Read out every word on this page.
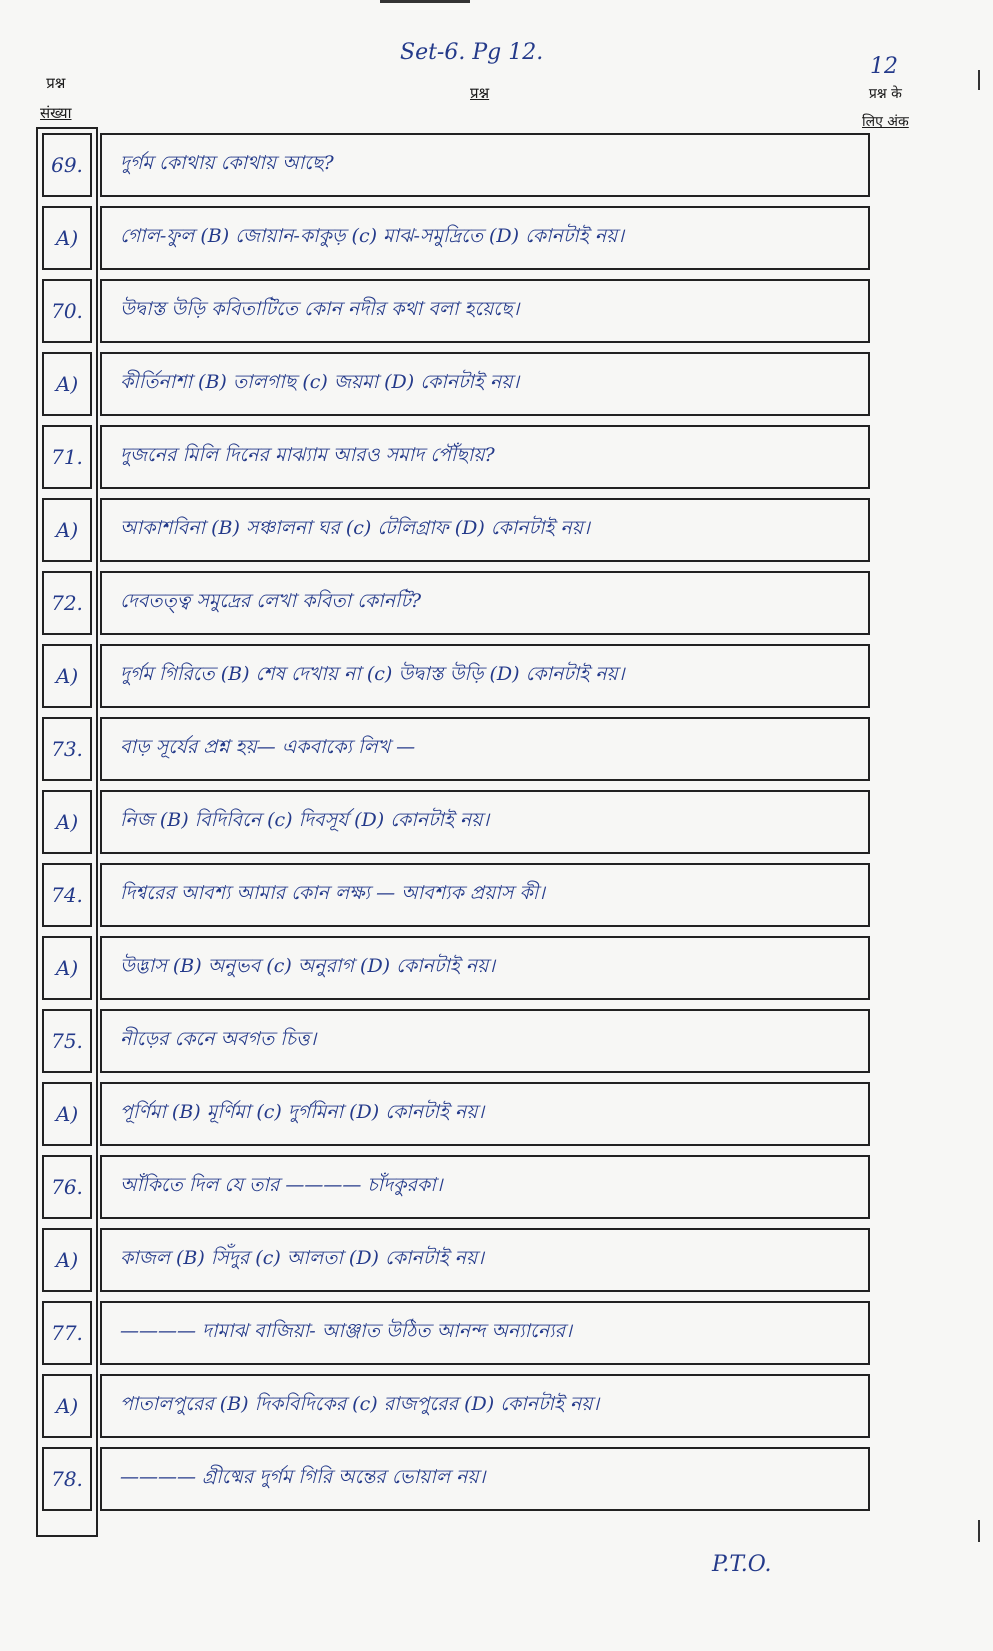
प्रश्न
संख्या
Set-6. Pg 12.
प्रश्न
12
प्रश्न के
लिए अंक
69.	দুর্গম কোথায় কোথায় আছে?
A)	গোল-ফুল (B) জোয়ান-কাকুড় (c) মাঝ-সমুদ্রিতে (D) কোনটাই নয়।
70.	উদ্বাস্ত উড়ি কবিতাটিতে কোন নদীর কথা বলা হয়েছে।
A)	কীর্তিনাশা (B) তালগাছ (c) জয়মা (D) কোনটাই নয়।
71.	দুজনের মিলি দিনের মাঝ্যাম আরও সমাদ পৌঁছায়?
A)	আকাশবিনা (B) সঞ্চালনা ঘর (c) টেলিগ্রাফ (D) কোনটাই নয়।
72.	দেবতত্ত্ব সমুদ্রের লেখা কবিতা কোনটি?
A)	দুর্গম গিরিতে (B) শেষ দেখায় না (c) উদ্বাস্ত উড়ি (D) কোনটাই নয়।
73.	বাড় সূর্যের প্রশ্ন হয়— একবাক্যে লিখ —
A)	নিজ (B) বিদিবিনে (c) দিবসূর্য (D) কোনটাই নয়।
74.	দিশ্বরের আবশ্য আমার কোন লক্ষ্য — আবশ্যক প্রয়াস কী।
A)	উদ্ভাস (B) অনুভব (c) অনুরাগ (D) কোনটাই নয়।
75.	নীড়ের কেনে অবগত চিত্ত।
A)	পূর্ণিমা (B) মূর্ণিমা (c) দুর্গমিনা (D) কোনটাই নয়।
76.	আঁকিতে দিল যে তার ———— চাঁদকুরকা।
A)	কাজল (B) সিঁদুর (c) আলতা (D) কোনটাই নয়।
77.	———— দামাঝ বাজিয়া- আঞ্জাত উঠিত আনন্দ অন্যান্যের।
A)	পাতালপুরের (B) দিকবিদিকের (c) রাজপুরের (D) কোনটাই নয়।
78.	———— গ্রীষ্মের দুর্গম গিরি অন্তের ভোয়াল নয়।
P.T.O.
